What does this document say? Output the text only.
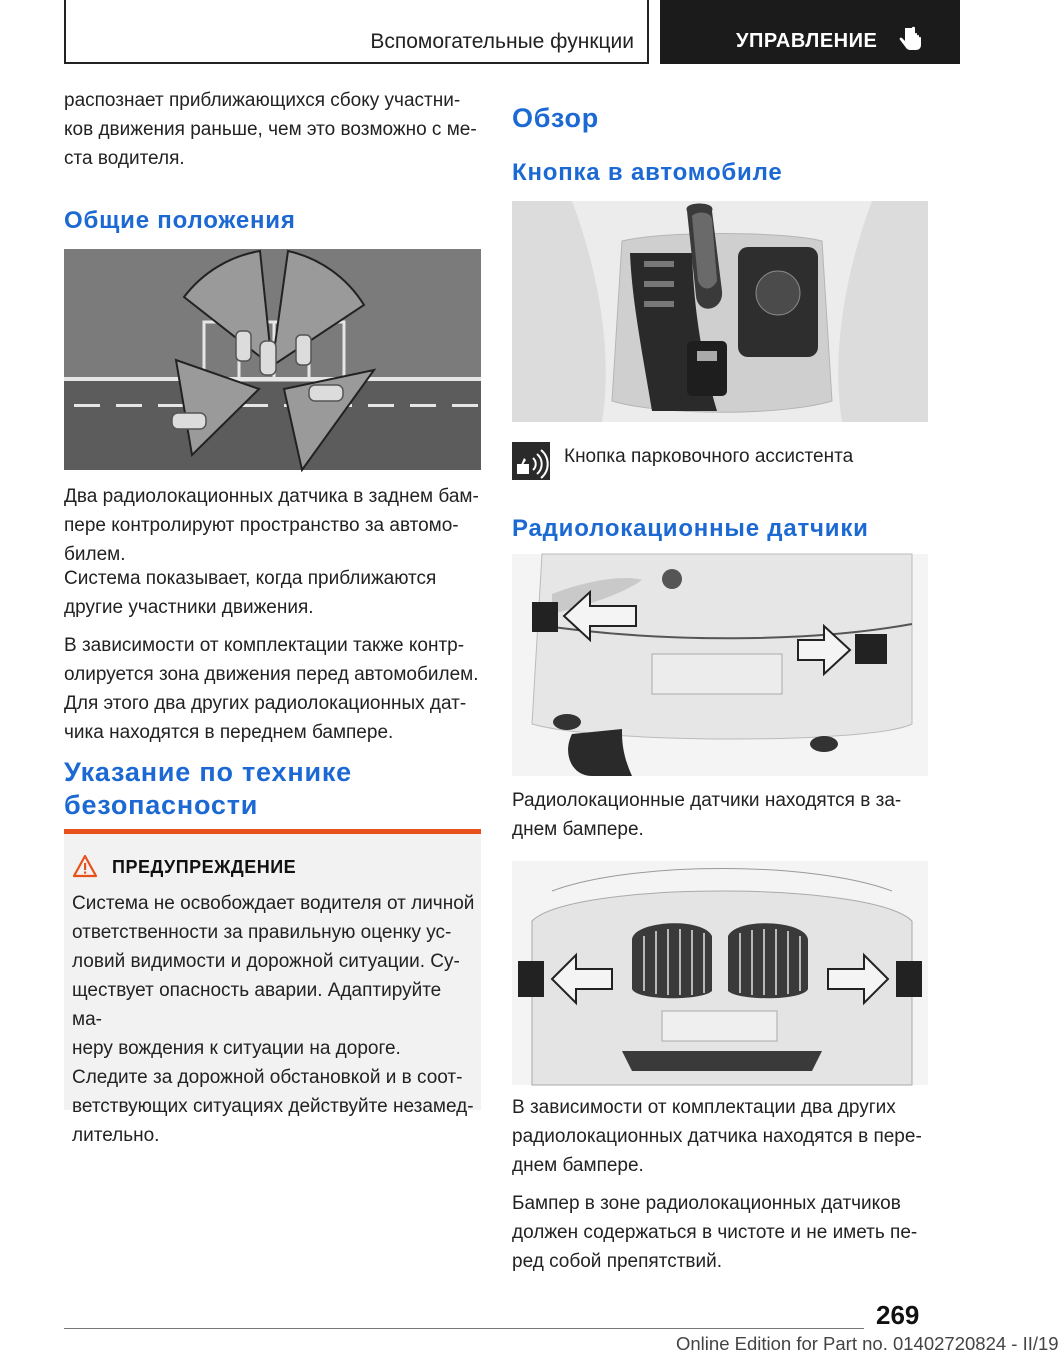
Вспомогательные функции	УПРАВЛЕНИЕ

распознает приближающихся сбоку участни-

ков движения раньше, чем это возможно с ме-

ста водителя.

Общие положения

Два радиолокационных датчика в заднем бам-

пере контролируют пространство за автомо-

билем.

Система показывает, когда приближаются

другие участники движения.

В зависимости от комплектации также контр-

олируется зона движения перед автомобилем.

Для этого два других радиолокационных дат-

чика находятся в переднем бампере.

Указание по технике
безопасности
ПРЕДУПРЕЖДЕНИЕ

Система не освобождает водителя от личной

ответственности за правильную оценку ус-

ловий видимости и дорожной ситуации. Су-

ществует опасность аварии. Адаптируйте ма-

неру вождения к ситуации на дороге.

Следите за дорожной обстановкой и в соот-

ветствующих ситуациях действуйте незамед-

лительно.

Обзор
Кнопка в автомобиле

Кнопка парковочного ассистента

Радиолокационные датчики

Радиолокационные датчики находятся в за-

днем бампере.

В зависимости от комплектации два других

радиолокационных датчика находятся в пере-

днем бампере.

Бампер в зоне радиолокационных датчиков

должен содержаться в чистоте и не иметь пе-

ред собой препятствий.

269
Online Edition for Part no. 01402720824 - II/19
